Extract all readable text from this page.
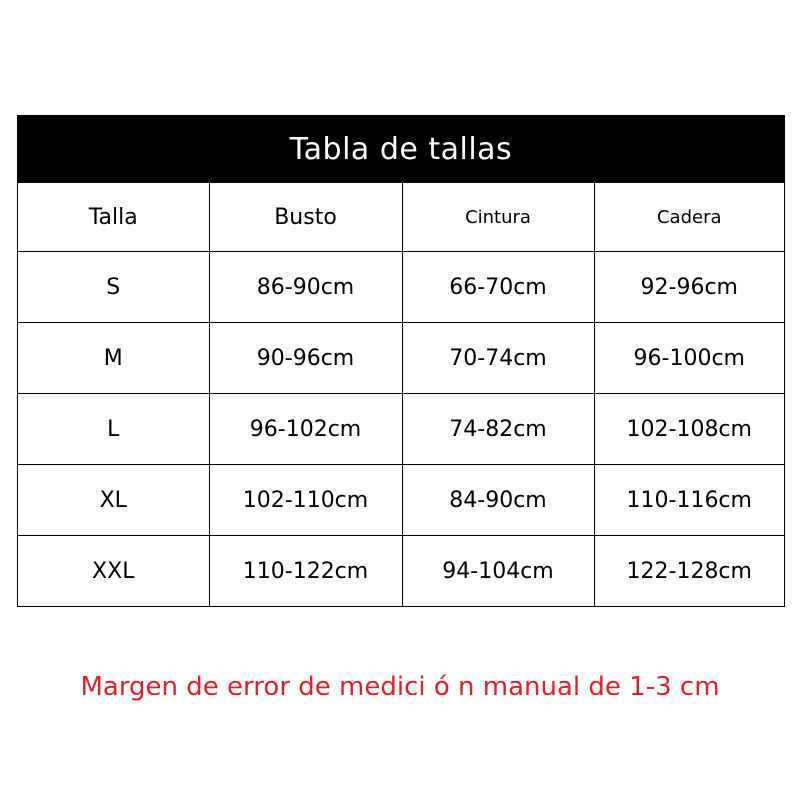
Tabla de tallas
Talla	Busto	Cintura	Cadera
S	86-90cm	66-70cm	92-96cm
M	90-96cm	70-74cm	96-100cm
L	96-102cm	74-82cm	102-108cm
XL	102-110cm	84-90cm	110-116cm
XXL	110-122cm	94-104cm	122-128cm
Margen de error de medici ó n manual de 1-3 cm
